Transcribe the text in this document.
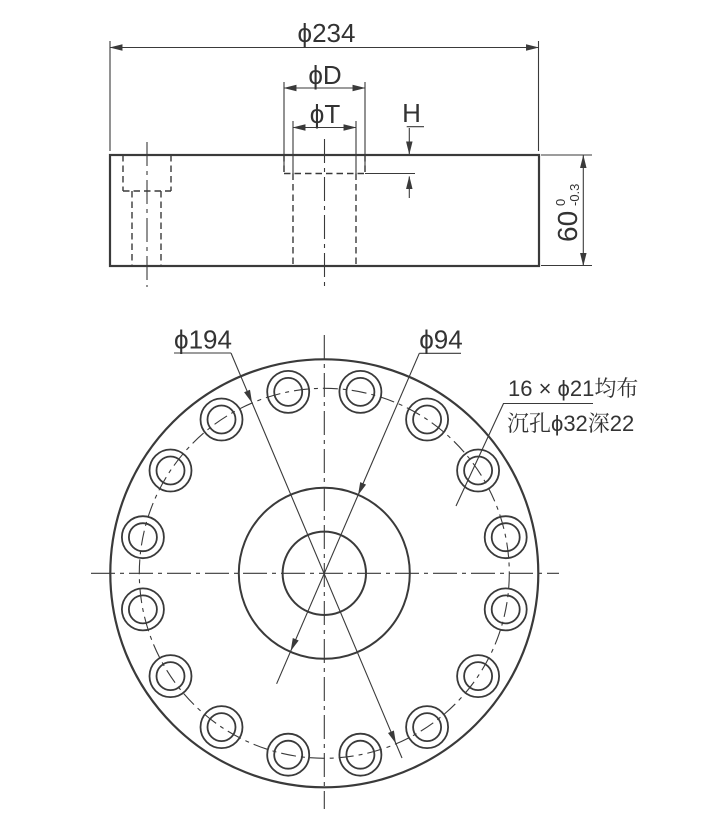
ϕ234
ϕD
ϕT H
60
0 -0.3
ϕ194	ϕ94
16 × ϕ21均布
沉孔ϕ32深22
